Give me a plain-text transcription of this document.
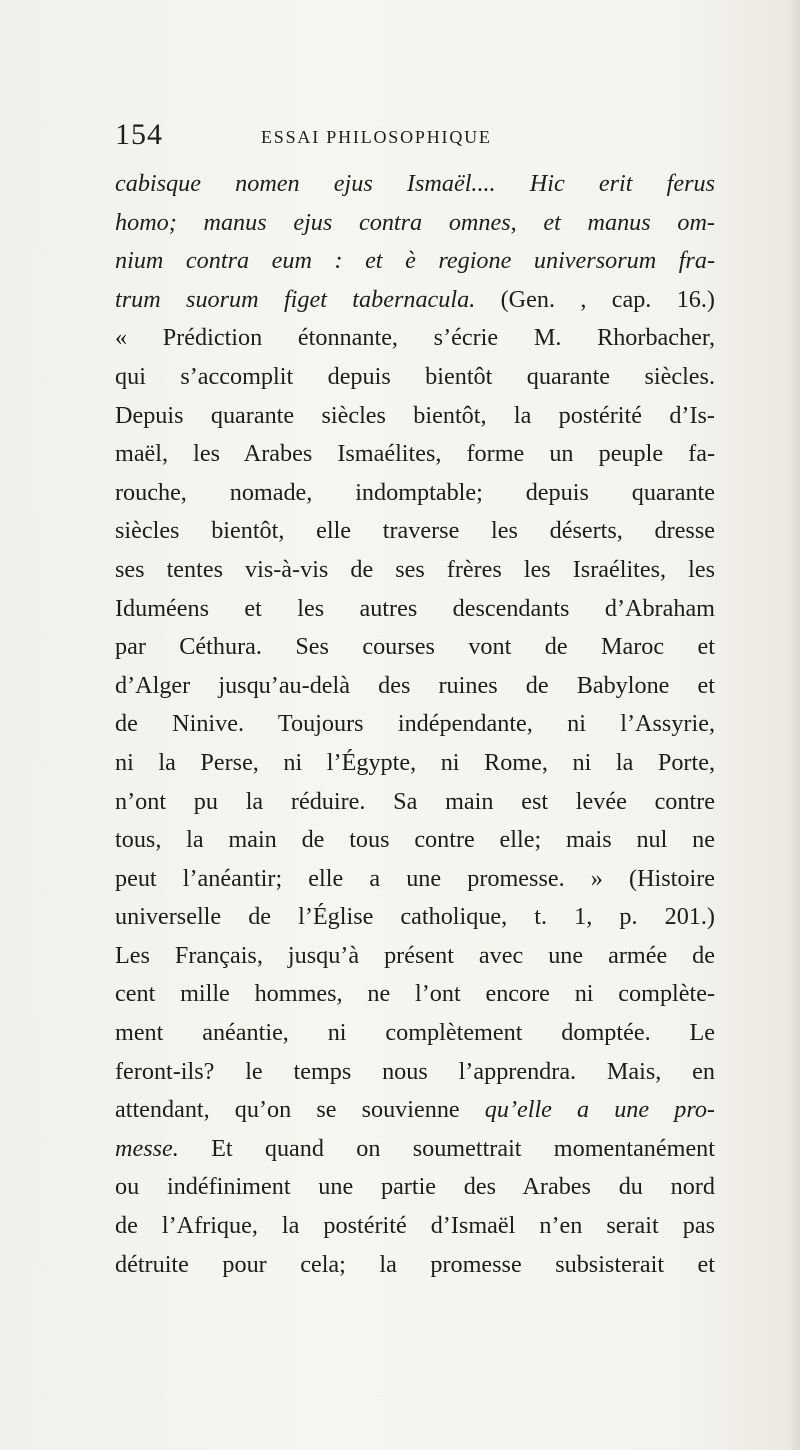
154	ESSAI PHILOSOPHIQUE
cabisque nomen ejus Ismaël.... Hic erit ferus
homo; manus ejus contra omnes, et manus om-
nium contra eum : et è regione universorum fra-
trum suorum figet tabernacula. (Gen. , cap. 16.)
« Prédiction étonnante, s’écrie M. Rhorbacher,
qui s’accomplit depuis bientôt quarante siècles.
Depuis quarante siècles bientôt, la postérité d’Is-
maël, les Arabes Ismaélites, forme un peuple fa-
rouche, nomade, indomptable; depuis quarante
siècles bientôt, elle traverse les déserts, dresse
ses tentes vis-à-vis de ses frères les Israélites, les
Iduméens et les autres descendants d’Abraham
par Céthura. Ses courses vont de Maroc et
d’Alger jusqu’au-delà des ruines de Babylone et
de Ninive. Toujours indépendante, ni l’Assyrie,
ni la Perse, ni l’Égypte, ni Rome, ni la Porte,
n’ont pu la réduire. Sa main est levée contre
tous, la main de tous contre elle; mais nul ne
peut l’anéantir; elle a une promesse. » (Histoire
universelle de l’Église catholique, t. 1, p. 201.)
Les Français, jusqu’à présent avec une armée de
cent mille hommes, ne l’ont encore ni complète-
ment anéantie, ni complètement domptée. Le
feront-ils? le temps nous l’apprendra. Mais, en
attendant, qu’on se souvienne qu’elle a une pro-
messe. Et quand on soumettrait momentanément
ou indéfiniment une partie des Arabes du nord
de l’Afrique, la postérité d’Ismaël n’en serait pas
détruite pour cela; la promesse subsisterait et
